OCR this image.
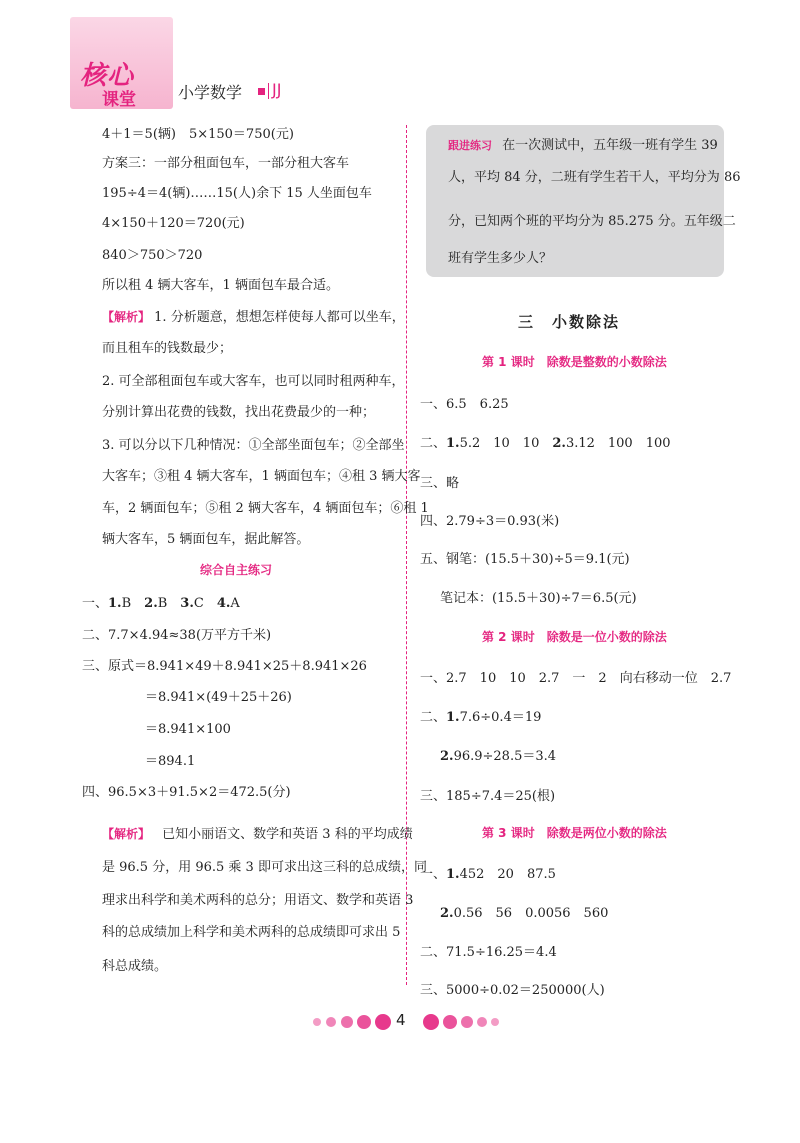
核心
课堂	小学数学 JJ
4＋1＝5(辆)　5×150＝750(元)
方案三：一部分租面包车，一部分租大客车
195÷4＝4(辆)……15(人)余下 15 人坐面包车
4×150＋120＝720(元)
840＞750＞720
所以租 4 辆大客车，1 辆面包车最合适。
【解析】 1. 分析题意，想想怎样使每人都可以坐车，
而且租车的钱数最少；
2. 可全部租面包车或大客车，也可以同时租两种车，
分别计算出花费的钱数，找出花费最少的一种；
3. 可以分以下几种情况：①全部坐面包车；②全部坐
大客车；③租 4 辆大客车，1 辆面包车；④租 3 辆大客
车，2 辆面包车；⑤租 2 辆大客车，4 辆面包车；⑥租 1
辆大客车，5 辆面包车，据此解答。
综合自主练习
一、1.B　2.B　3.C　4.A
二、7.7×4.94≈38(万平方千米)
三、原式＝8.941×49＋8.941×25＋8.941×26
＝8.941×(49＋25＋26)
＝8.941×100
＝894.1
四、96.5×3＋91.5×2＝472.5(分)
【解析】 已知小丽语文、数学和英语 3 科的平均成绩
是 96.5 分，用 96.5 乘 3 即可求出这三科的总成绩，同
理求出科学和美术两科的总分；用语文、数学和英语 3
科的总成绩加上科学和美术两科的总成绩即可求出 5
科总成绩。
跟进练习 在一次测试中，五年级一班有学生 39
人，平均 84 分，二班有学生若干人，平均分为 86
分，已知两个班的平均分为 85.275 分。五年级二
班有学生多少人？
三　小数除法
第 1 课时　除数是整数的小数除法
一、6.5　6.25
二、1.5.2　10　10　2.3.12　100　100
三、略
四、2.79÷3＝0.93(米)
五、钢笔：(15.5＋30)÷5＝9.1(元)
笔记本：(15.5＋30)÷7＝6.5(元)
第 2 课时　除数是一位小数的除法
一、2.7　10　10　2.7　一　2　向右移动一位　2.7
二、1.7.6÷0.4＝19
2.96.9÷28.5＝3.4
三、185÷7.4＝25(根)
第 3 课时　除数是两位小数的除法
一、1.452　20　87.5
2.0.56　56　0.0056　560
二、71.5÷16.25＝4.4
三、5000÷0.02＝250000(人)
4
